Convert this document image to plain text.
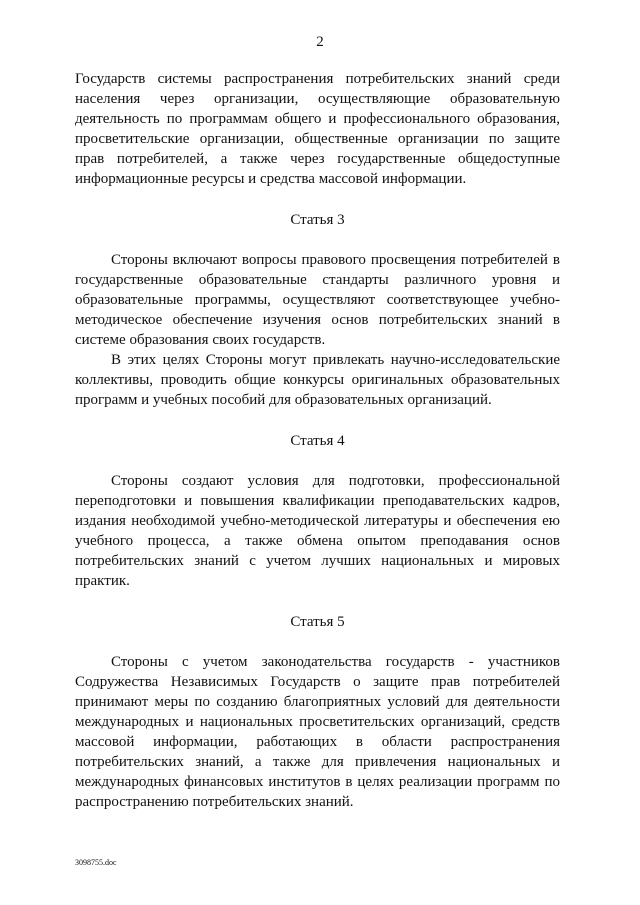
2

Государств системы распространения потребительских знаний среди населения через организации, осуществляющие образовательную деятельность по программам общего и профессионального образования, просветительские организации, общественные организации по защите прав потребителей, а также через государственные общедоступные информационные ресурсы и средства массовой информации.

Статья 3

Стороны включают вопросы правового просвещения потребителей в государственные образовательные стандарты различного уровня и образовательные программы, осуществляют соответствующее учебно-методическое обеспечение изучения основ потребительских знаний в системе образования своих государств.

В этих целях Стороны могут привлекать научно-исследовательские коллективы, проводить общие конкурсы оригинальных образовательных программ и учебных пособий для образовательных организаций.

Статья 4

Стороны создают условия для подготовки, профессиональной переподготовки и повышения квалификации преподавательских кадров, издания необходимой учебно-методической литературы и обеспечения ею учебного процесса, а также обмена опытом преподавания основ потребительских знаний с учетом лучших национальных и мировых практик.

Статья 5

Стороны с учетом законодательства государств - участников Содружества Независимых Государств о защите прав потребителей принимают меры по созданию благоприятных условий для деятельности международных и национальных просветительских организаций, средств массовой информации, работающих в области распространения потребительских знаний, а также для привлечения национальных и международных финансовых институтов в целях реализации программ по распространению потребительских знаний.

3098755.doc
